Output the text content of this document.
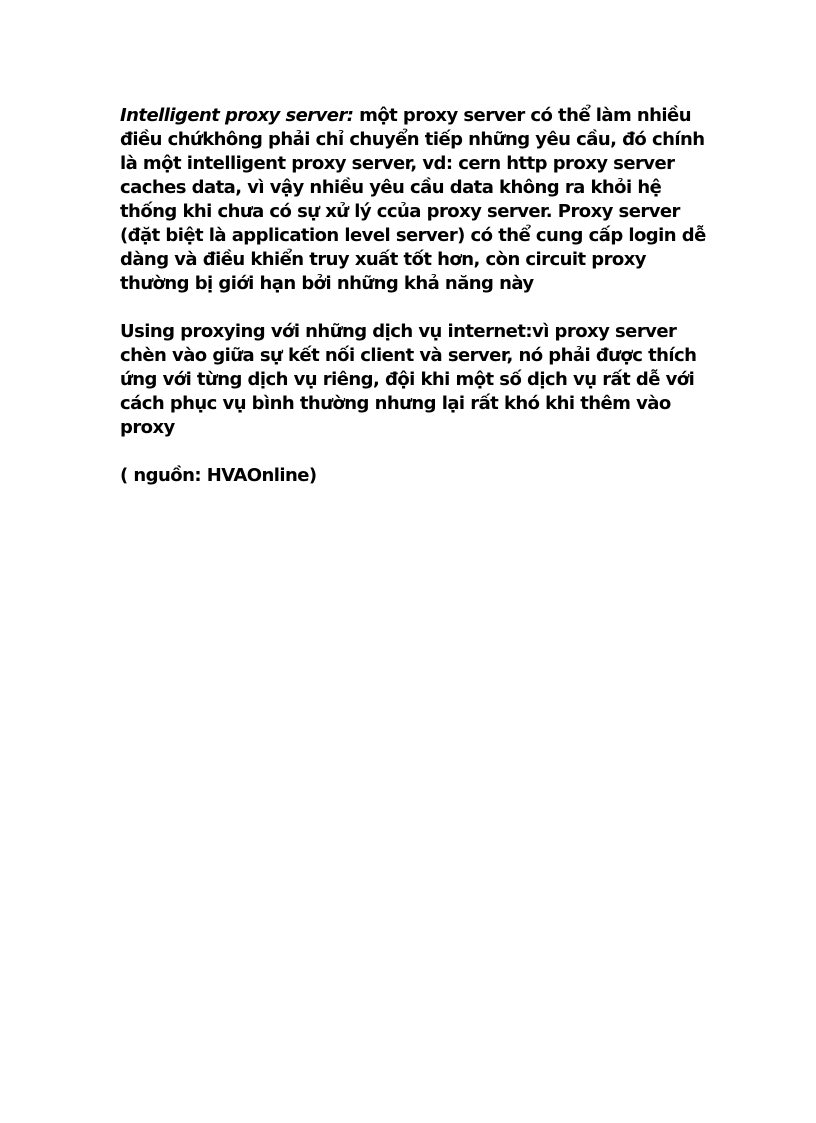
Intelligent proxy server: một proxy server có thể làm nhiều
điều chứkhông phải chỉ chuyển tiếp những yêu cầu, đó chính
là một intelligent proxy server, vd: cern http proxy server
caches data, vì vậy nhiều yêu cầu data không ra khỏi hệ
thống khi chưa có sự xử lý ccủa proxy server. Proxy server
(đặt biệt là application level server) có thể cung cấp login dễ
dàng và điều khiển truy xuất tốt hơn, còn circuit proxy
thường bị giới hạn bởi những khả năng này
Using proxying với những dịch vụ internet:vì proxy server
chèn vào giữa sự kết nối client và server, nó phải được thích
ứng với từng dịch vụ riêng, đội khi một số dịch vụ rất dễ với
cách phục vụ bình thường nhưng lại rất khó khi thêm vào
proxy
( nguồn: HVAOnline)
